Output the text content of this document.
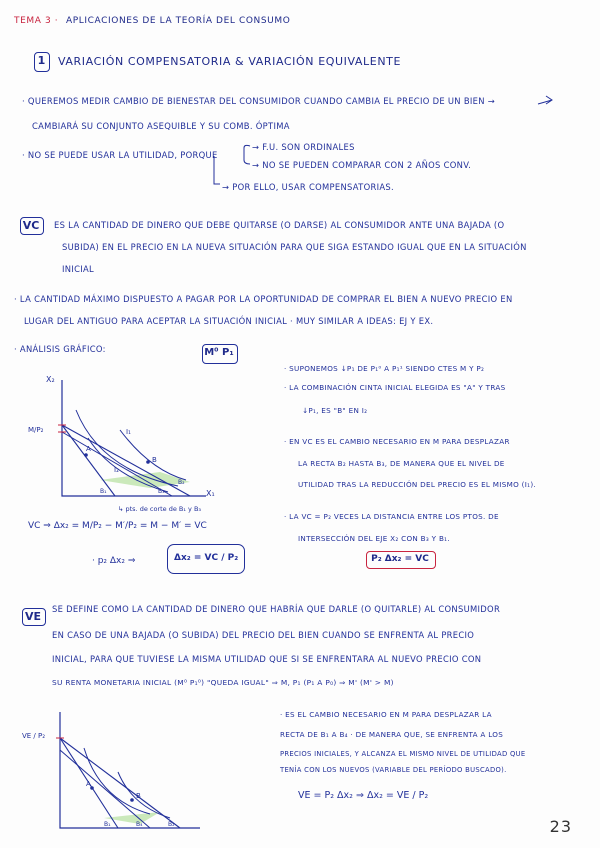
TEMA 3 · APLICACIONES DE LA TEORÍA DEL CONSUMO
1 VARIACIÓN COMPENSATORIA & VARIACIÓN EQUIVALENTE
· QUEREMOS MEDIR CAMBIO DE BIENESTAR DEL CONSUMIDOR CUANDO CAMBIA EL PRECIO DE UN BIEN →
CAMBIARÁ SU CONJUNTO ASEQUIBLE Y SU COMB. ÓPTIMA
· NO SE PUEDE USAR LA UTILIDAD, PORQUE
→ F.U. SON ORDINALES
→ NO SE PUEDEN COMPARAR CON 2 AÑOS CONV.
→ POR ELLO, USAR COMPENSATORIAS.
VC	ES LA CANTIDAD DE DINERO QUE DEBE QUITARSE (O DARSE) AL CONSUMIDOR ANTE UNA BAJADA (O
SUBIDA) EN EL PRECIO EN LA NUEVA SITUACIÓN PARA QUE SIGA ESTANDO IGUAL QUE EN LA SITUACIÓN
INICIAL
· LA CANTIDAD MÁXIMO DISPUESTO A PAGAR POR LA OPORTUNIDAD DE COMPRAR EL BIEN A NUEVO PRECIO EN
LUGAR DEL ANTIGUO PARA ACEPTAR LA SITUACIÓN INICIAL · MUY SIMILAR A IDEAS: EJ Y EX.
· ANÁLISIS GRÁFICO:	M⁰ P₁
· SUPONEMOS ↓P₁ DE P₁⁰ A P₁¹ SIENDO CTES M Y P₂
· LA COMBINACIÓN CINTA INICIAL ELEGIDA ES "A" Y TRAS
↓P₁, ES "B" EN I₂
· EN VC ES EL CAMBIO NECESARIO EN M PARA DESPLAZAR
LA RECTA B₂ HASTA B₃, DE MANERA QUE EL NIVEL DE
UTILIDAD TRAS LA REDUCCIÓN DEL PRECIO ES EL MISMO (I₁).
· LA VC = P₂ VECES LA DISTANCIA ENTRE LOS PTOS. DE
INTERSECCIÓN DEL EJE X₂ CON B₃ Y B₁.
P₂ Δx₂ = VC
VC ⇒ Δx₂ = M/P₂ − M′/P₂ = M − M′ = VC
↳ pts. de corte de B₁ y B₃
· p₂ Δx₂ ⇒	Δx₂ = VC / P₂
VE
SE DEFINE COMO LA CANTIDAD DE DINERO QUE HABRÍA QUE DARLE (O QUITARLE) AL CONSUMIDOR
EN CASO DE UNA BAJADA (O SUBIDA) DEL PRECIO DEL BIEN CUANDO SE ENFRENTA AL PRECIO
INICIAL, PARA QUE TUVIESE LA MISMA UTILIDAD QUE SI SE ENFRENTARA AL NUEVO PRECIO CON
SU RENTA MONETARIA INICIAL (M⁰ P₁⁰) "QUEDA IGUAL" ⇒ M, P₁ (P₁ A P₀) ⇒ M' (M' > M)
· ES EL CAMBIO NECESARIO EN M PARA DESPLAZAR LA
RECTA DE B₁ A B₄ · DE MANERA QUE, SE ENFRENTA A LOS
PRECIOS INICIALES, Y ALCANZA EL MISMO NIVEL DE UTILIDAD QUE
TENÍA CON LOS NUEVOS (VARIABLE DEL PERÍODO BUSCADO).
VE = P₂ Δx₂ ⇒ Δx₂ = VE / P₂
23
X₂
X₁
M/P₂
A
B
I₁
I₂
B₁
B₂
B₃
VE / P₂
A
B
B₁	B₂
B₄
